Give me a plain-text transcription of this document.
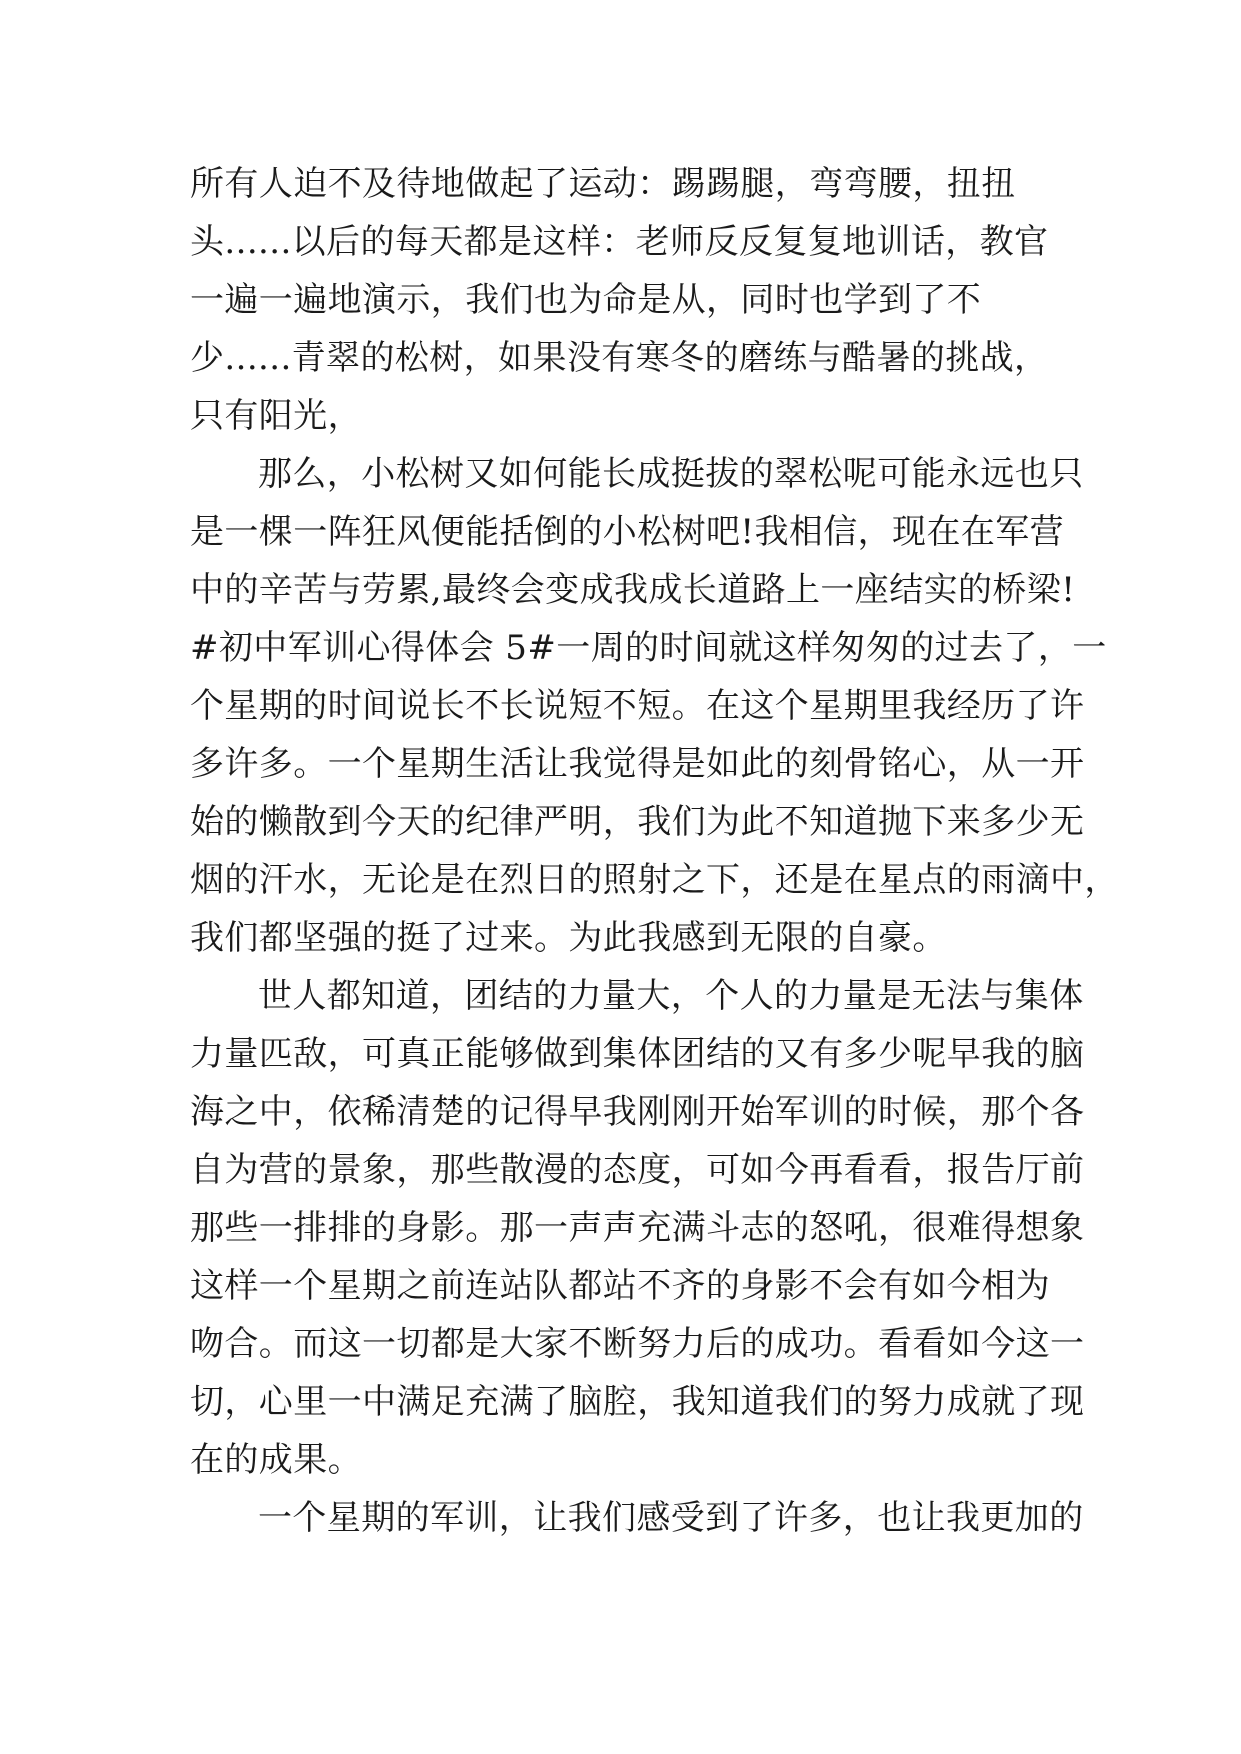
所有人迫不及待地做起了运动：踢踢腿，弯弯腰，扭扭
头......以后的每天都是这样：老师反反复复地训话，教官
一遍一遍地演示，我们也为命是从，同时也学到了不
少......青翠的松树，如果没有寒冬的磨练与酷暑的挑战，
只有阳光，
那么，小松树又如何能长成挺拔的翠松呢可能永远也只
是一棵一阵狂风便能括倒的小松树吧!我相信，现在在军营
中的辛苦与劳累,最终会变成我成长道路上一座结实的桥梁!
#初中军训心得体会 5#一周的时间就这样匆匆的过去了，一
个星期的时间说长不长说短不短。在这个星期里我经历了许
多许多。一个星期生活让我觉得是如此的刻骨铭心，从一开
始的懒散到今天的纪律严明，我们为此不知道抛下来多少无
烟的汗水，无论是在烈日的照射之下，还是在星点的雨滴中，
我们都坚强的挺了过来。为此我感到无限的自豪。
世人都知道，团结的力量大，个人的力量是无法与集体
力量匹敌，可真正能够做到集体团结的又有多少呢早我的脑
海之中，依稀清楚的记得早我刚刚开始军训的时候，那个各
自为营的景象，那些散漫的态度，可如今再看看，报告厅前
那些一排排的身影。那一声声充满斗志的怒吼，很难得想象
这样一个星期之前连站队都站不齐的身影不会有如今相为
吻合。而这一切都是大家不断努力后的成功。看看如今这一
切，心里一中满足充满了脑腔，我知道我们的努力成就了现
在的成果。
一个星期的军训，让我们感受到了许多，也让我更加的
